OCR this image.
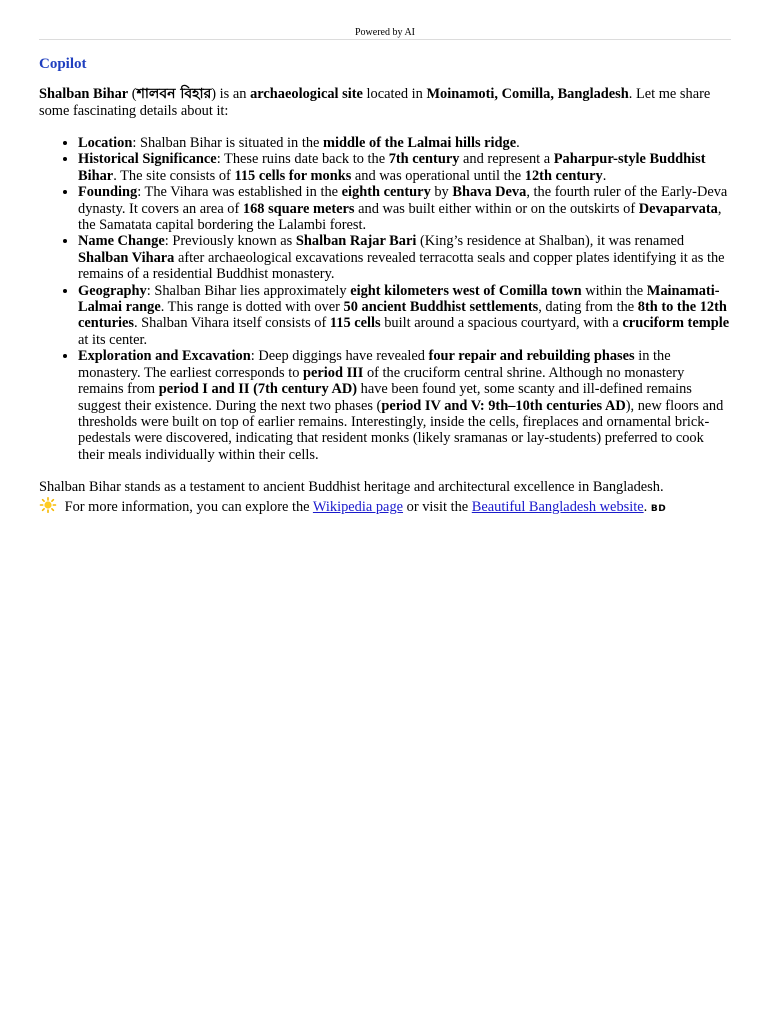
Powered by AI
Copilot
Shalban Bihar (শালবন বিহার) is an archaeological site located in Moinamoti, Comilla, Bangladesh. Let me share some fascinating details about it:
• Location: Shalban Bihar is situated in the middle of the Lalmai hills ridge.
• Historical Significance: These ruins date back to the 7th century and represent a Paharpur-style Buddhist Bihar. The site consists of 115 cells for monks and was operational until the 12th century.
• Founding: The Vihara was established in the eighth century by Bhava Deva, the fourth ruler of the Early-Deva dynasty. It covers an area of 168 square meters and was built either within or on the outskirts of Devaparvata, the Samatata capital bordering the Lalambi forest.
• Name Change: Previously known as Shalban Rajar Bari (King’s residence at Shalban), it was renamed Shalban Vihara after archaeological excavations revealed terracotta seals and copper plates identifying it as the remains of a residential Buddhist monastery.
• Geography: Shalban Bihar lies approximately eight kilometers west of Comilla town within the Mainamati-Lalmai range. This range is dotted with over 50 ancient Buddhist settlements, dating from the 8th to the 12th centuries. Shalban Vihara itself consists of 115 cells built around a spacious courtyard, with a cruciform temple at its center.
• Exploration and Excavation: Deep diggings have revealed four repair and rebuilding phases in the monastery. The earliest corresponds to period III of the cruciform central shrine. Although no monastery remains from period I and II (7th century AD) have been found yet, some scanty and ill-defined remains suggest their existence. During the next two phases (period IV and V: 9th–10th centuries AD), new floors and thresholds were built on top of earlier remains. Interestingly, inside the cells, fireplaces and ornamental brick-pedestals were discovered, indicating that resident monks (likely sramanas or lay-students) preferred to cook their meals individually within their cells.
Shalban Bihar stands as a testament to ancient Buddhist heritage and architectural excellence in Bangladesh.
For more information, you can explore the Wikipedia page or visit the Beautiful Bangladesh website. BD
